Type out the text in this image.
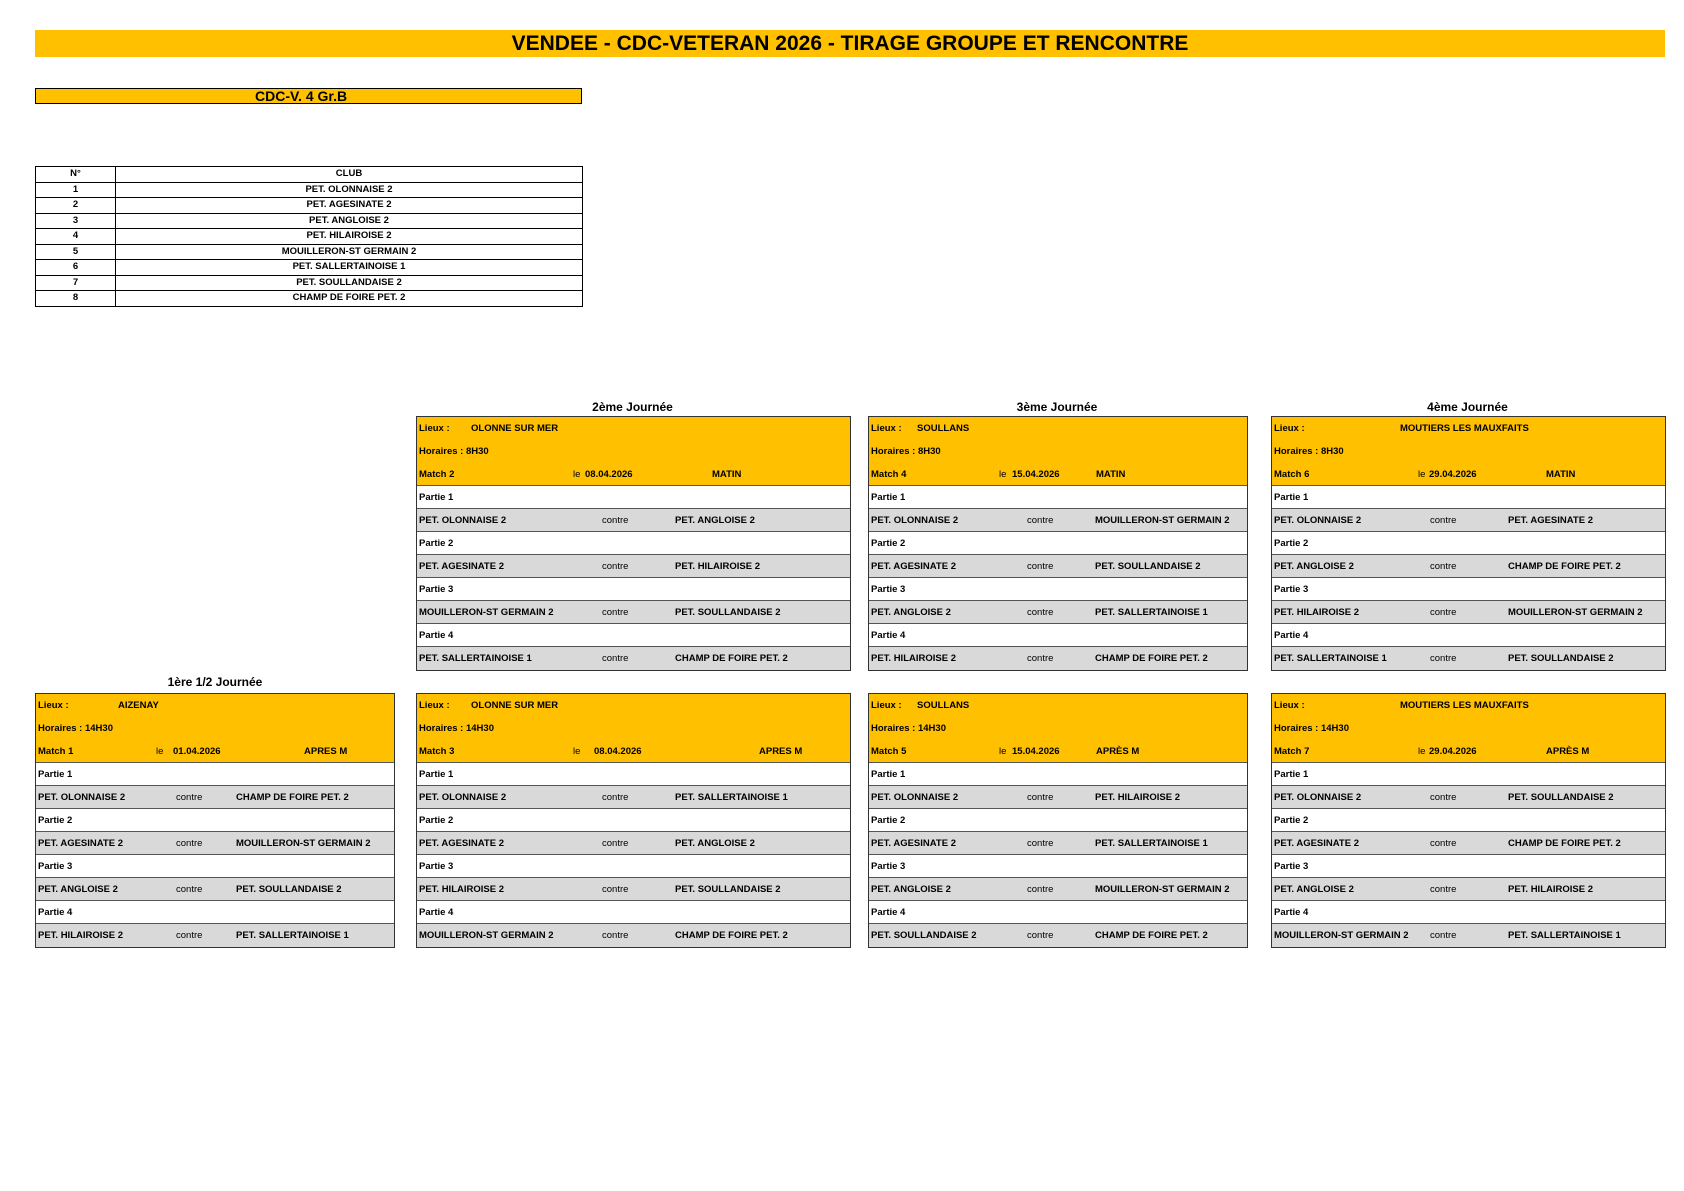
VENDEE - CDC-VETERAN 2026 - TIRAGE GROUPE ET RENCONTRE
CDC-V. 4 Gr.B
N°	CLUB
1	PET. OLONNAISE 2
2	PET. AGESINATE 2
3	PET. ANGLOISE 2
4	PET. HILAIROISE 2
5	MOUILLERON-ST GERMAIN 2
6	PET. SALLERTAINOISE 1
7	PET. SOULLANDAISE 2
8	CHAMP DE FOIRE PET. 2
2ème Journée	3ème Journée	4ème Journée
1ère 1/2 Journée
Lieux :	AIZENAY
Horaires : 14H30
Match 1	le 01.04.2026	APRES M
Partie 1
PET. OLONNAISE 2	contre	CHAMP DE FOIRE PET. 2
Partie 2
PET. AGESINATE 2	contre	MOUILLERON-ST GERMAIN 2
Partie 3
PET. ANGLOISE 2	contre	PET. SOULLANDAISE 2
Partie 4
PET. HILAIROISE 2	contre	PET. SALLERTAINOISE 1
Lieux : OLONNE SUR MER
Horaires : 8H30
Match 2	le 08.04.2026	MATIN
Partie 1
PET. OLONNAISE 2	contre	PET. ANGLOISE 2
Partie 2
PET. AGESINATE 2	contre	PET. HILAIROISE 2
Partie 3
MOUILLERON-ST GERMAIN 2	contre	PET. SOULLANDAISE 2
Partie 4
PET. SALLERTAINOISE 1	contre	CHAMP DE FOIRE PET. 2
Lieux : OLONNE SUR MER
Horaires : 14H30
Match 3	le 08.04.2026	APRES M
Partie 1
PET. OLONNAISE 2	contre	PET. SALLERTAINOISE 1
Partie 2
PET. AGESINATE 2	contre	PET. ANGLOISE 2
Partie 3
PET. HILAIROISE 2	contre	PET. SOULLANDAISE 2
Partie 4
MOUILLERON-ST GERMAIN 2	contre	CHAMP DE FOIRE PET. 2
Lieux : SOULLANS
Horaires : 8H30
Match 4	le 15.04.2026	MATIN
Partie 1
PET. OLONNAISE 2	contre	MOUILLERON-ST GERMAIN 2
Partie 2
PET. AGESINATE 2	contre	PET. SOULLANDAISE 2
Partie 3
PET. ANGLOISE 2	contre	PET. SALLERTAINOISE 1
Partie 4
PET. HILAIROISE 2	contre	CHAMP DE FOIRE PET. 2
Lieux : SOULLANS
Horaires : 14H30
Match 5	le 15.04.2026	APRÈS M
Partie 1
PET. OLONNAISE 2	contre	PET. HILAIROISE 2
Partie 2
PET. AGESINATE 2	contre	PET. SALLERTAINOISE 1
Partie 3
PET. ANGLOISE 2	contre	MOUILLERON-ST GERMAIN 2
Partie 4
PET. SOULLANDAISE 2	contre	CHAMP DE FOIRE PET. 2
Lieux :	MOUTIERS LES MAUXFAITS
Horaires : 8H30
Match 6	le 29.04.2026	MATIN
Partie 1
PET. OLONNAISE 2	contre	PET. AGESINATE 2
Partie 2
PET. ANGLOISE 2	contre	CHAMP DE FOIRE PET. 2
Partie 3
PET. HILAIROISE 2	contre	MOUILLERON-ST GERMAIN 2
Partie 4
PET. SALLERTAINOISE 1	contre	PET. SOULLANDAISE 2
Lieux :	MOUTIERS LES MAUXFAITS
Horaires : 14H30
Match 7	le 29.04.2026	APRÈS M
Partie 1
PET. OLONNAISE 2	contre	PET. SOULLANDAISE 2
Partie 2
PET. AGESINATE 2	contre	CHAMP DE FOIRE PET. 2
Partie 3
PET. ANGLOISE 2	contre	PET. HILAIROISE 2
Partie 4
MOUILLERON-ST GERMAIN 2 contre	PET. SALLERTAINOISE 1
